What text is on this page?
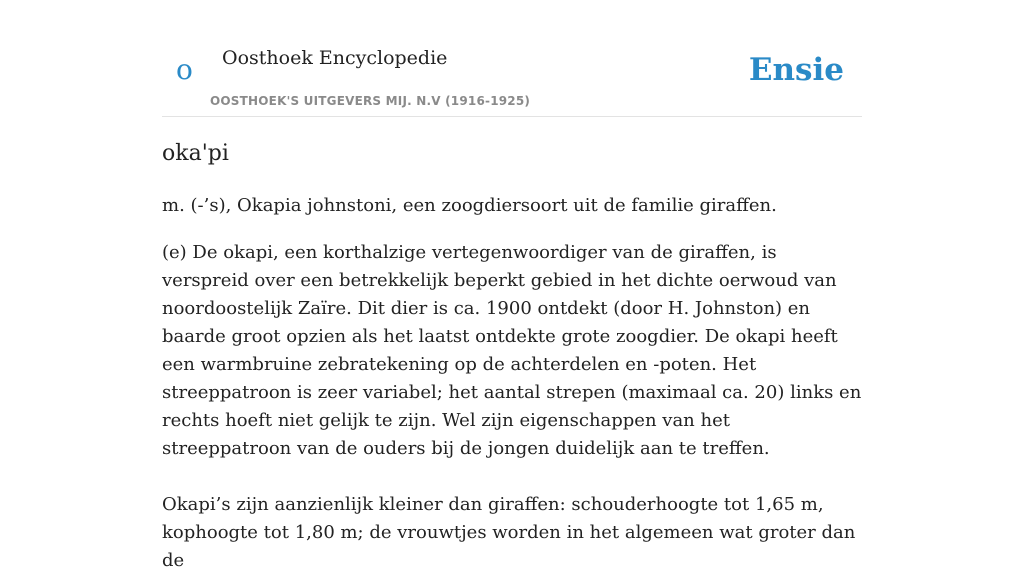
o Oosthoek Encyclopedie
OOSTHOEK'S UITGEVERS MIJ. N.V (1916-1925)
Ensie
oka'pi

m. (-’s), Okapia johnstoni, een zoogdiersoort uit de familie giraffen.

(e) De okapi, een korthalzige vertegenwoordiger van de giraffen, is verspreid over een betrekkelijk beperkt gebied in het dichte oerwoud van noordoostelijk Zaïre. Dit dier is ca. 1900 ontdekt (door H. Johnston) en baarde groot opzien als het laatst ontdekte grote zoogdier. De okapi heeft een warmbruine zebratekening op de achterdelen en -poten. Het streeppatroon is zeer variabel; het aantal strepen (maximaal ca. 20) links en rechts hoeft niet gelijk te zijn. Wel zijn eigenschappen van het streeppatroon van de ouders bij de jongen duidelijk aan te treffen.

Okapi’s zijn aanzienlijk kleiner dan giraffen: schouderhoogte tot 1,65 m, kophoogte tot 1,80 m; de vrouwtjes worden in het algemeen wat groter dan de
